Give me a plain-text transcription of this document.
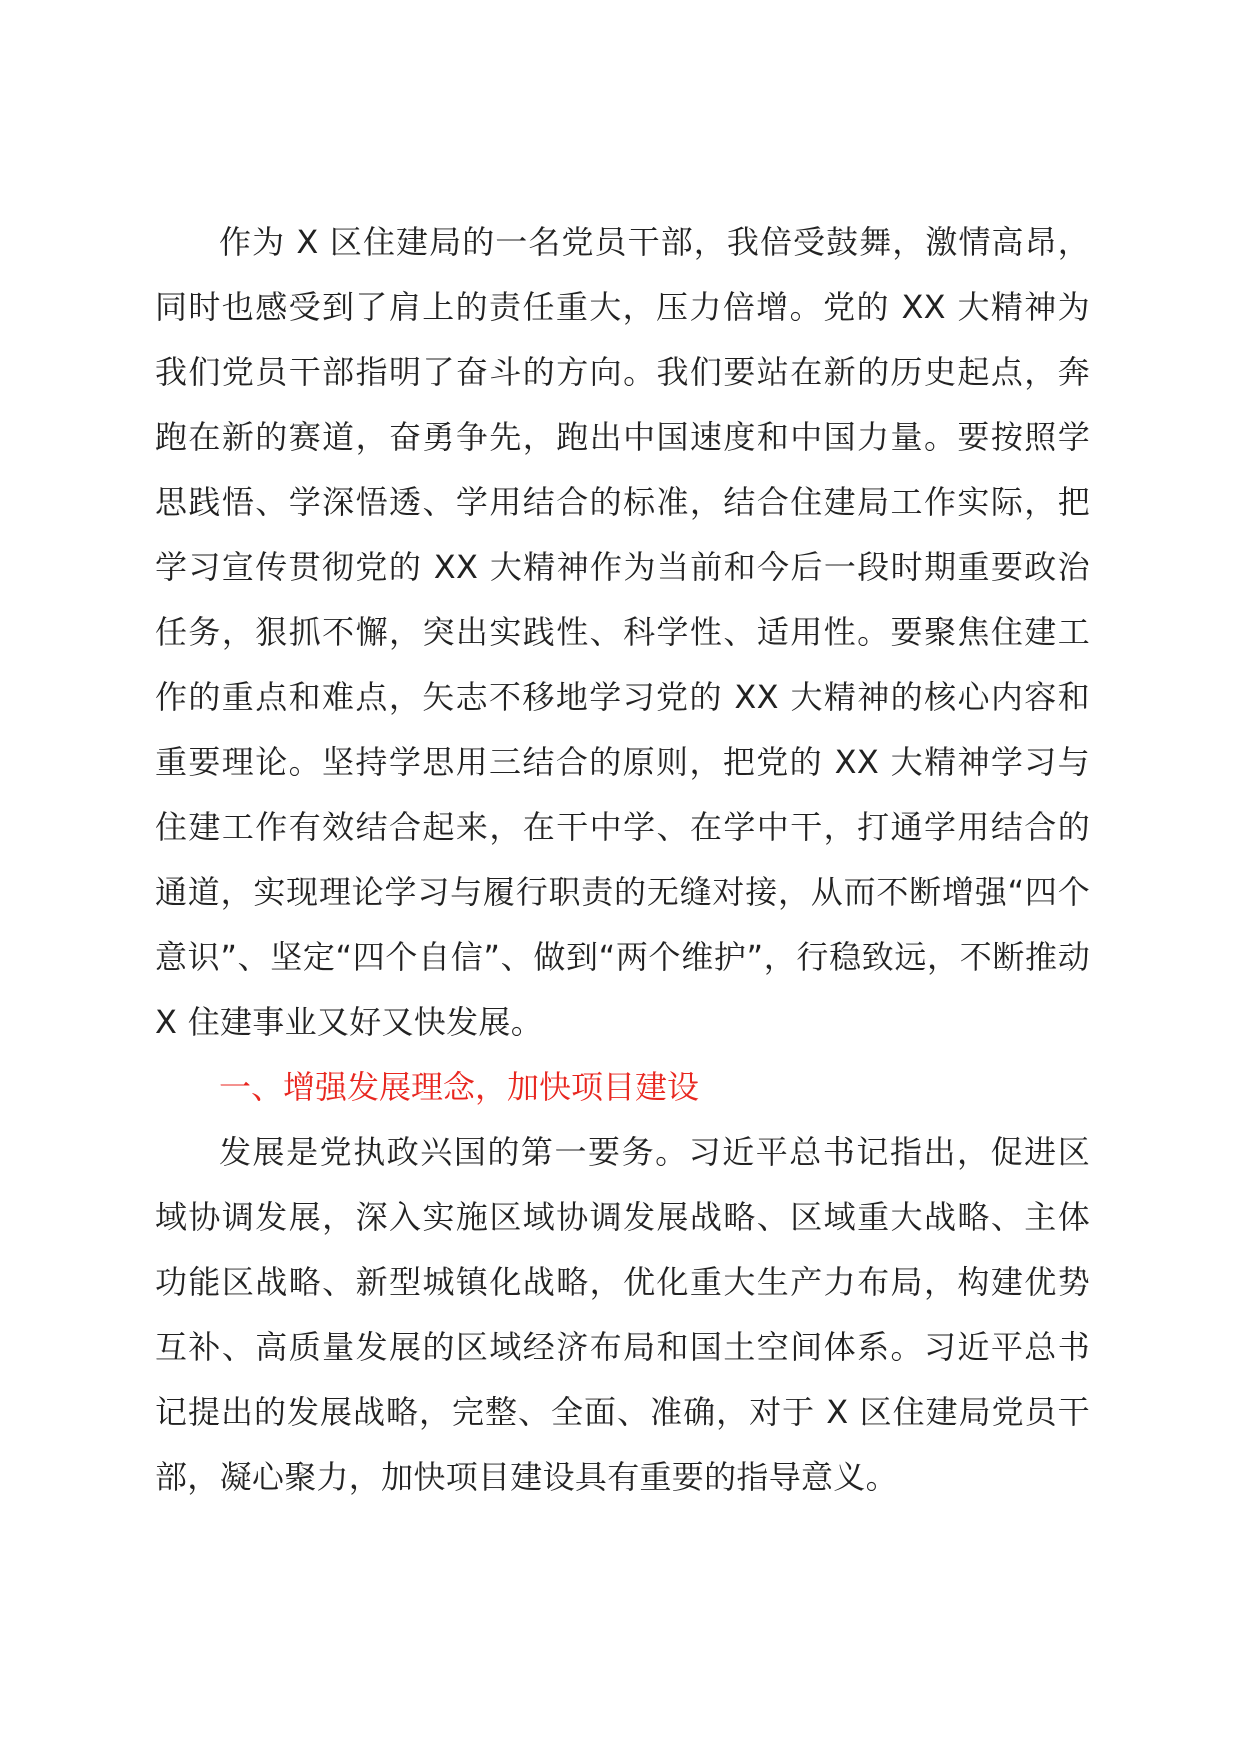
作为 X 区住建局的一名党员干部，我倍受鼓舞，激情高昂，同时也感受到了肩上的责任重大，压力倍增。党的 XX 大精神为我们党员干部指明了奋斗的方向。我们要站在新的历史起点，奔跑在新的赛道，奋勇争先，跑出中国速度和中国力量。要按照学思践悟、学深悟透、学用结合的标准，结合住建局工作实际，把学习宣传贯彻党的 XX 大精神作为当前和今后一段时期重要政治任务，狠抓不懈，突出实践性、科学性、适用性。要聚焦住建工作的重点和难点，矢志不移地学习党的 XX 大精神的核心内容和重要理论。坚持学思用三结合的原则，把党的 XX 大精神学习与住建工作有效结合起来，在干中学、在学中干，打通学用结合的通道，实现理论学习与履行职责的无缝对接，从而不断增强“四个意识”、坚定“四个自信”、做到“两个维护”，行稳致远，不断推动 X 住建事业又好又快发展。

一、增强发展理念，加快项目建设

发展是党执政兴国的第一要务。习近平总书记指出，促进区域协调发展，深入实施区域协调发展战略、区域重大战略、主体功能区战略、新型城镇化战略，优化重大生产力布局，构建优势互补、高质量发展的区域经济布局和国土空间体系。习近平总书记提出的发展战略，完整、全面、准确，对于 X 区住建局党员干部，凝心聚力，加快项目建设具有重要的指导意义。
